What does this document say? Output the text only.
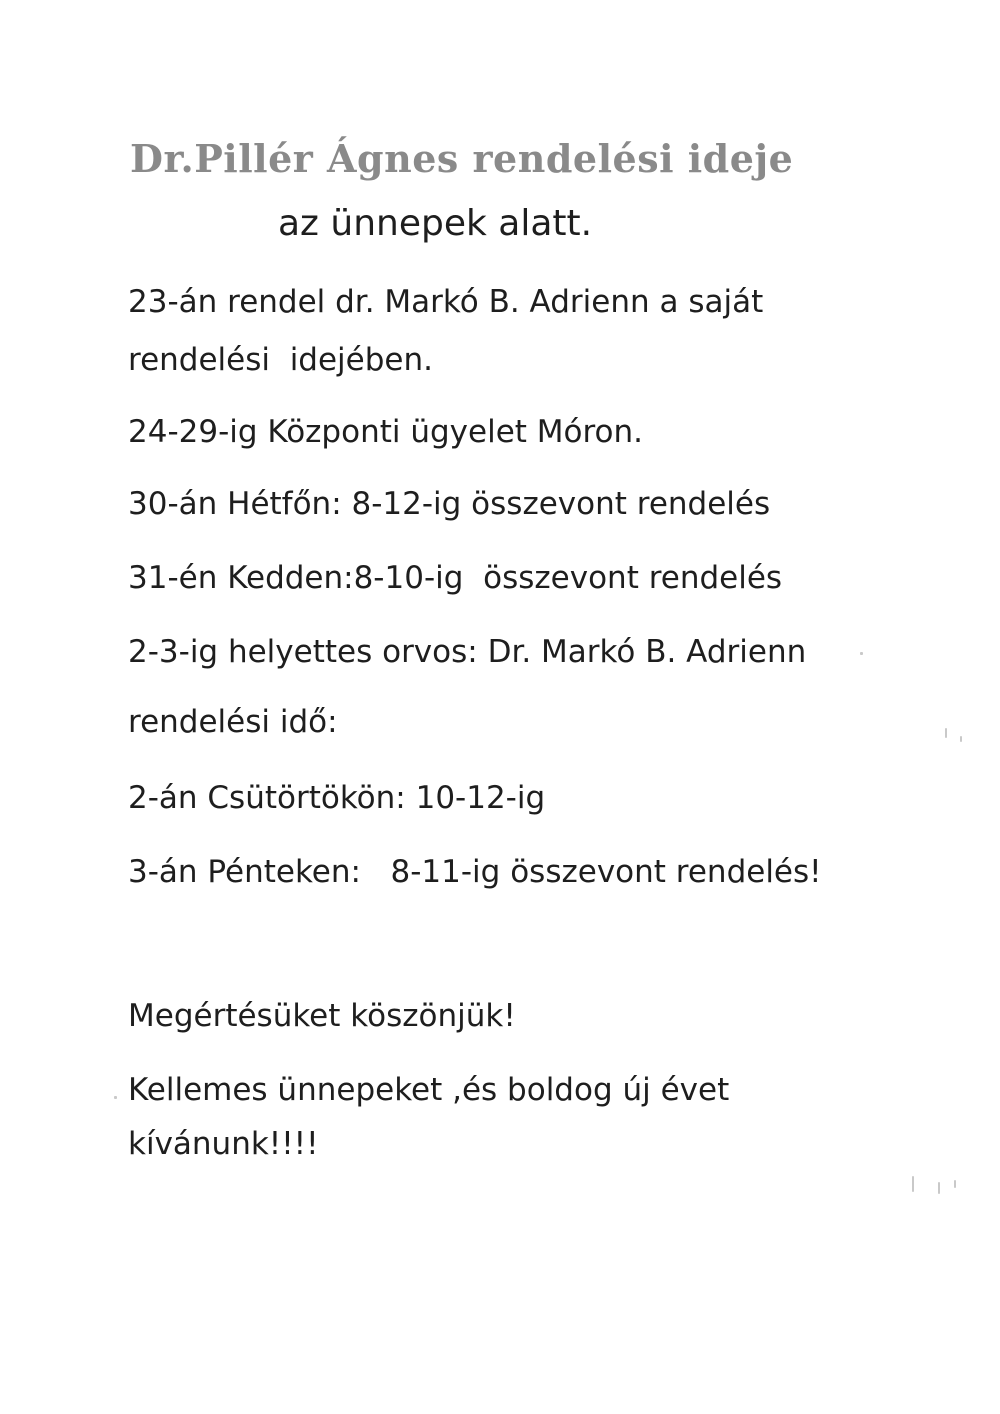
Dr.Pillér Ágnes rendelési ideje
az ünnepek alatt.
23-án rendel dr. Markó B. Adrienn a saját
rendelési  idejében.
24-29-ig Központi ügyelet Móron.
30-án Hétfőn: 8-12-ig összevont rendelés
31-én Kedden:8-10-ig  összevont rendelés
2-3-ig helyettes orvos: Dr. Markó B. Adrienn
rendelési idő:
2-án Csütörtökön: 10-12-ig
3-án Pénteken:   8-11-ig összevont rendelés!
Megértésüket köszönjük!
Kellemes ünnepeket ,és boldog új évet
kívánunk!!!!
